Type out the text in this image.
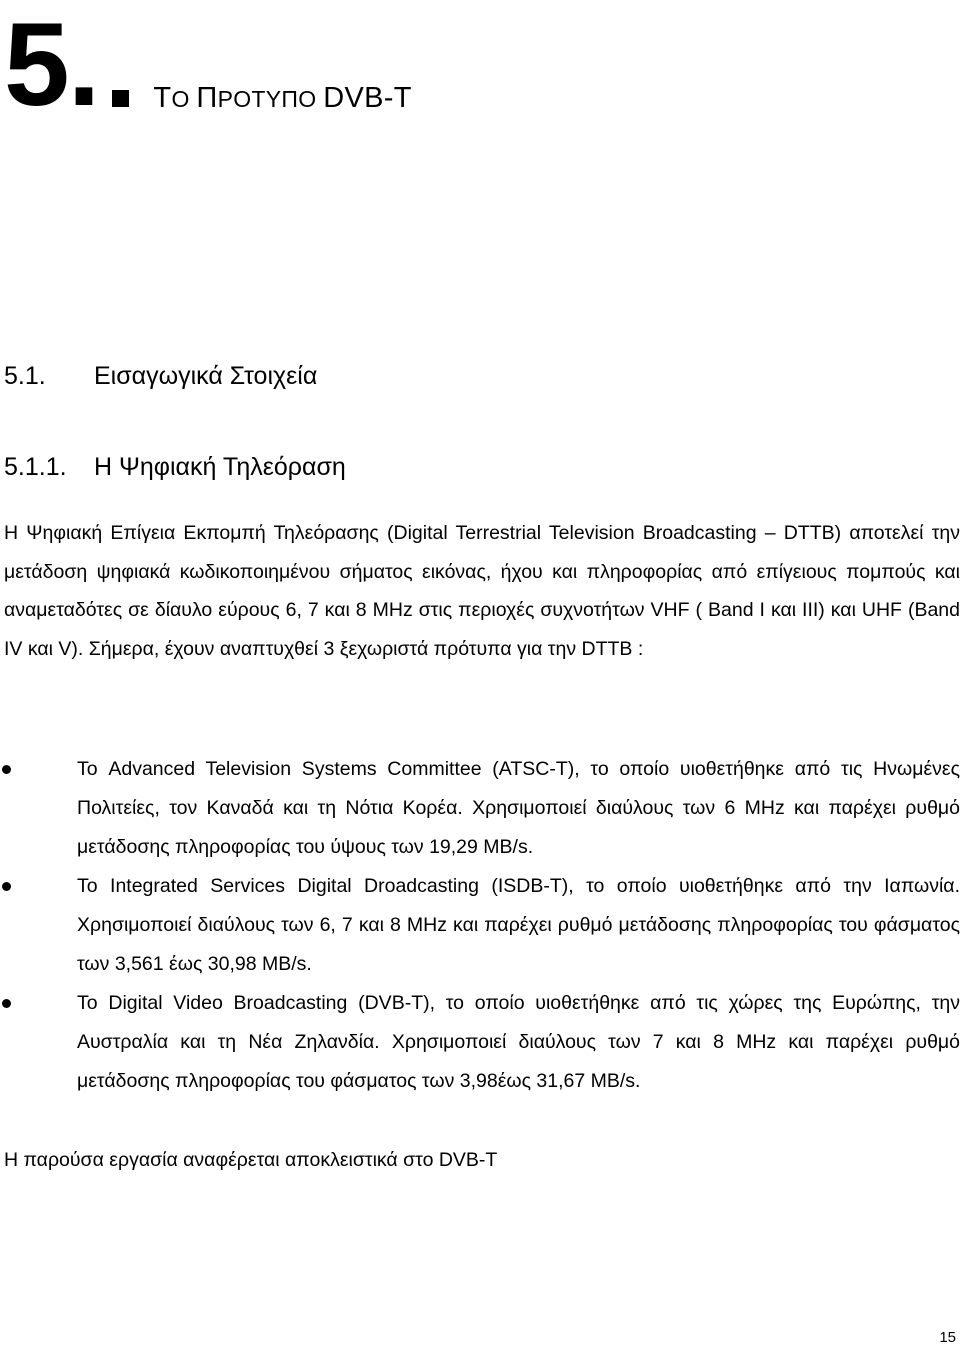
5. TO ΠΡΟΤΥΠΟ DVB-T
5.1. Εισαγωγικά Στοιχεία
5.1.1. Η Ψηφιακή Τηλεόραση

Η Ψηφιακή Επίγεια Εκπομπή Τηλεόρασης (Digital Terrestrial Television Broadcasting – DTTB) αποτελεί την μετάδοση ψηφιακά κωδικοποιημένου σήματος εικόνας, ήχου και πληροφορίας από επίγειους πομπούς και αναμεταδότες σε δίαυλο εύρους 6, 7 και 8 MHz στις περιοχές συχνοτήτων VHF ( Band I και III) και UHF (Band IV και V). Σήμερα, έχουν αναπτυχθεί 3 ξεχωριστά πρότυπα για την DTTB :

Το Advanced Television Systems Committee (ATSC-T), το οποίο υιοθετήθηκε από τις Ηνωμένες Πολιτείες, τον Καναδά και τη Νότια Κορέα. Χρησιμοποιεί διαύλους των 6 MHz και παρέχει ρυθμό μετάδοσης πληροφορίας του ύψους των 19,29 MB/s.
Το Integrated Services Digital Droadcasting (ISDB-T), το οποίο υιοθετήθηκε από την Ιαπωνία. Χρησιμοποιεί διαύλους των 6, 7 και 8 MHz και παρέχει ρυθμό μετάδοσης πληροφορίας του φάσματος των 3,561 έως 30,98 MB/s.
Το Digital Video Broadcasting (DVB-T), το οποίο υιοθετήθηκε από τις χώρες της Ευρώπης, την Αυστραλία και τη Νέα Ζηλανδία. Χρησιμοποιεί διαύλους των 7 και 8 MHz και παρέχει ρυθμό μετάδοσης πληροφορίας του φάσματος των 3,98έως 31,67 MB/s.

Η παρούσα εργασία αναφέρεται αποκλειστικά στο DVB-T

15
